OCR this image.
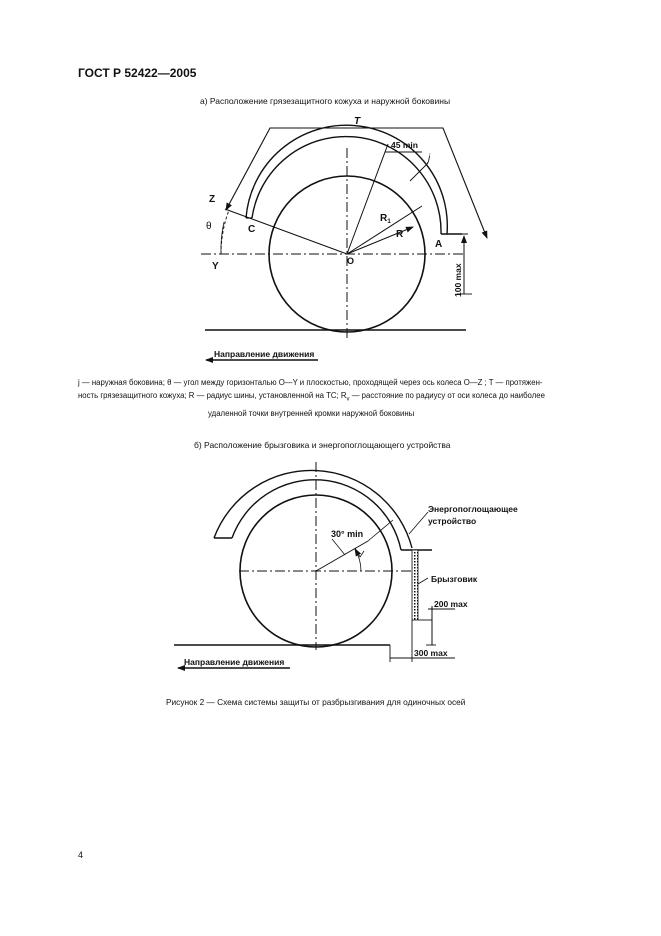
ГОСТ Р 52422—2005
а) Расположение грязезащитного кожуха и наружной боковины
T
45 min
j
Z
θ	C
$R_1$
R
A
Y	O
100 max
Направление движения
j — наружная боковина; θ — угол между горизонталью O—Y и плоскостью, проходящей через ось колеса O—Z ; T — протяжен-
ность грязезащитного кожуха; R — радиус шины, установленной на ТС; $R_v$ — расстояние по радиусу от оси колеса до наиболее
удаленной точки внутренней кромки наружной боковины
б) Расположение брызговика и энергопоглощающего устройства
Энергопоглощающее
устройство
30° min
Брызговик
200 max
300 max
Направление движения
Рисунок 2 — Схема системы защиты от разбрызгивания для одиночных осей
4
